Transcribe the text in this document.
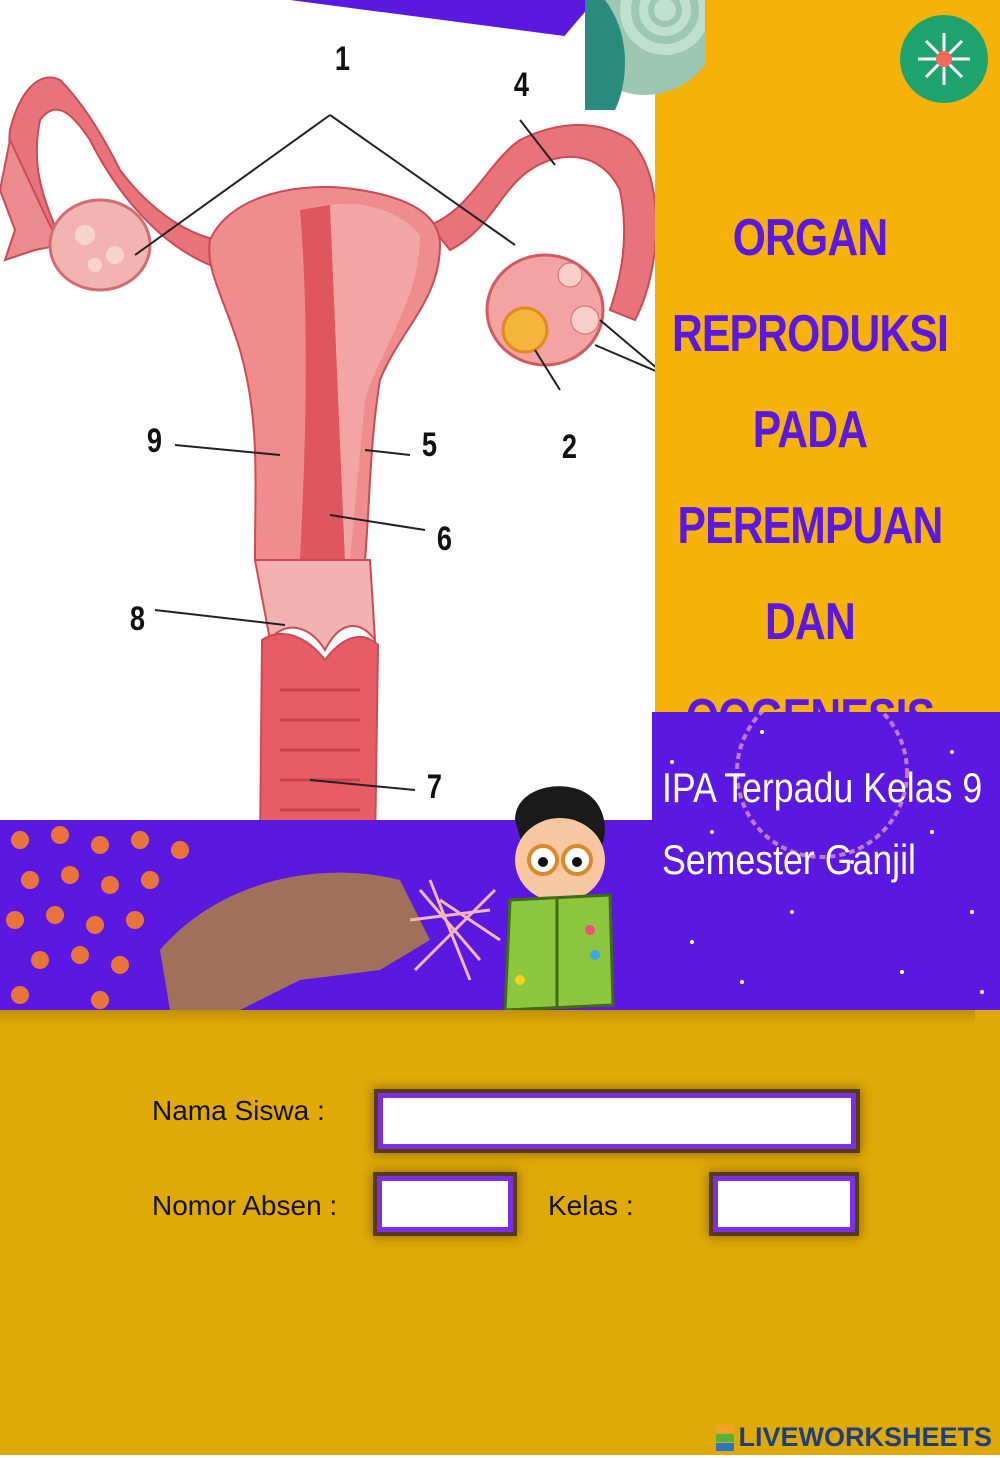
1
4
9	5	2
6
8
7
ORGAN
REPRODUKSI
PADA
PEREMPUAN
DAN
IPA Terpadu Kelas 9
Semester Ganjil
Nama Siswa :
Nomor Absen :	Kelas :
LIVEWORKSHEETS
